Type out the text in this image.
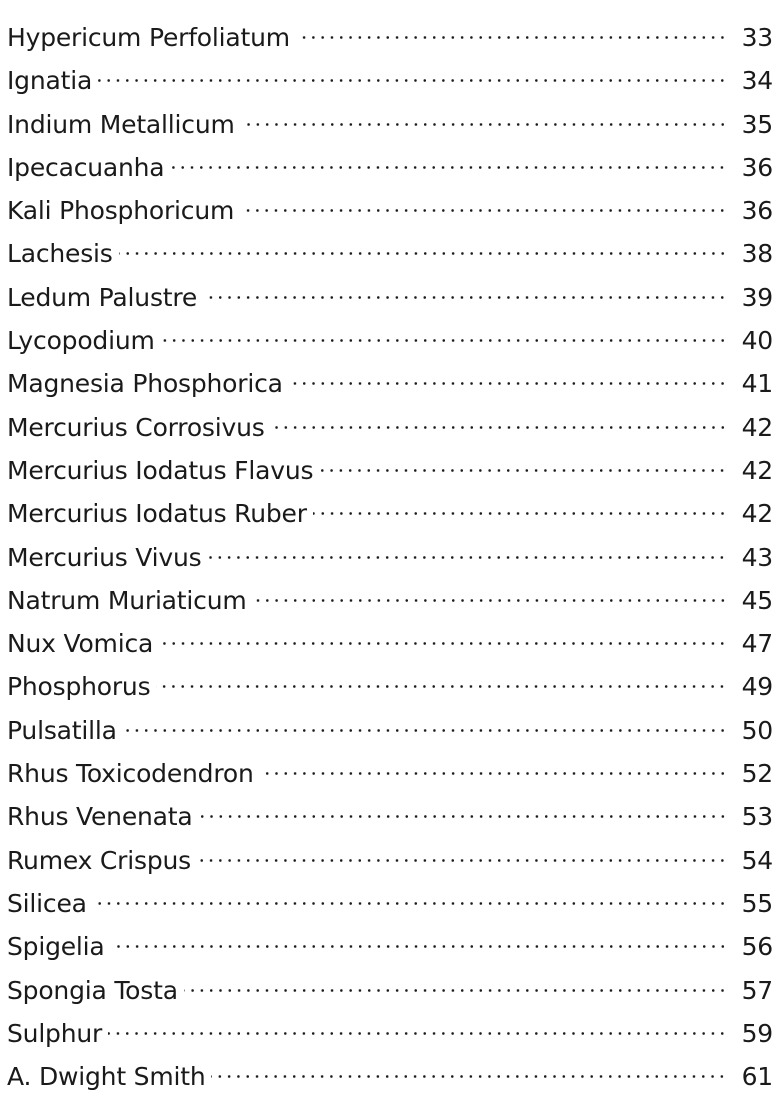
Hypericum Perfoliatum	33
Ignatia	34
Indium Metallicum	35
Ipecacuanha	36
Kali Phosphoricum	36
Lachesis	38
Ledum Palustre	39
Lycopodium	40
Magnesia Phosphorica	41
Mercurius Corrosivus	42
Mercurius Iodatus Flavus	42
Mercurius Iodatus Ruber	42
Mercurius Vivus	43
Natrum Muriaticum	45
Nux Vomica	47
Phosphorus	49
Pulsatilla	50
Rhus Toxicodendron	52
Rhus Venenata	53
Rumex Crispus	54
Silicea	55
Spigelia	56
Spongia Tosta	57
Sulphur	59
A. Dwight Smith	61
